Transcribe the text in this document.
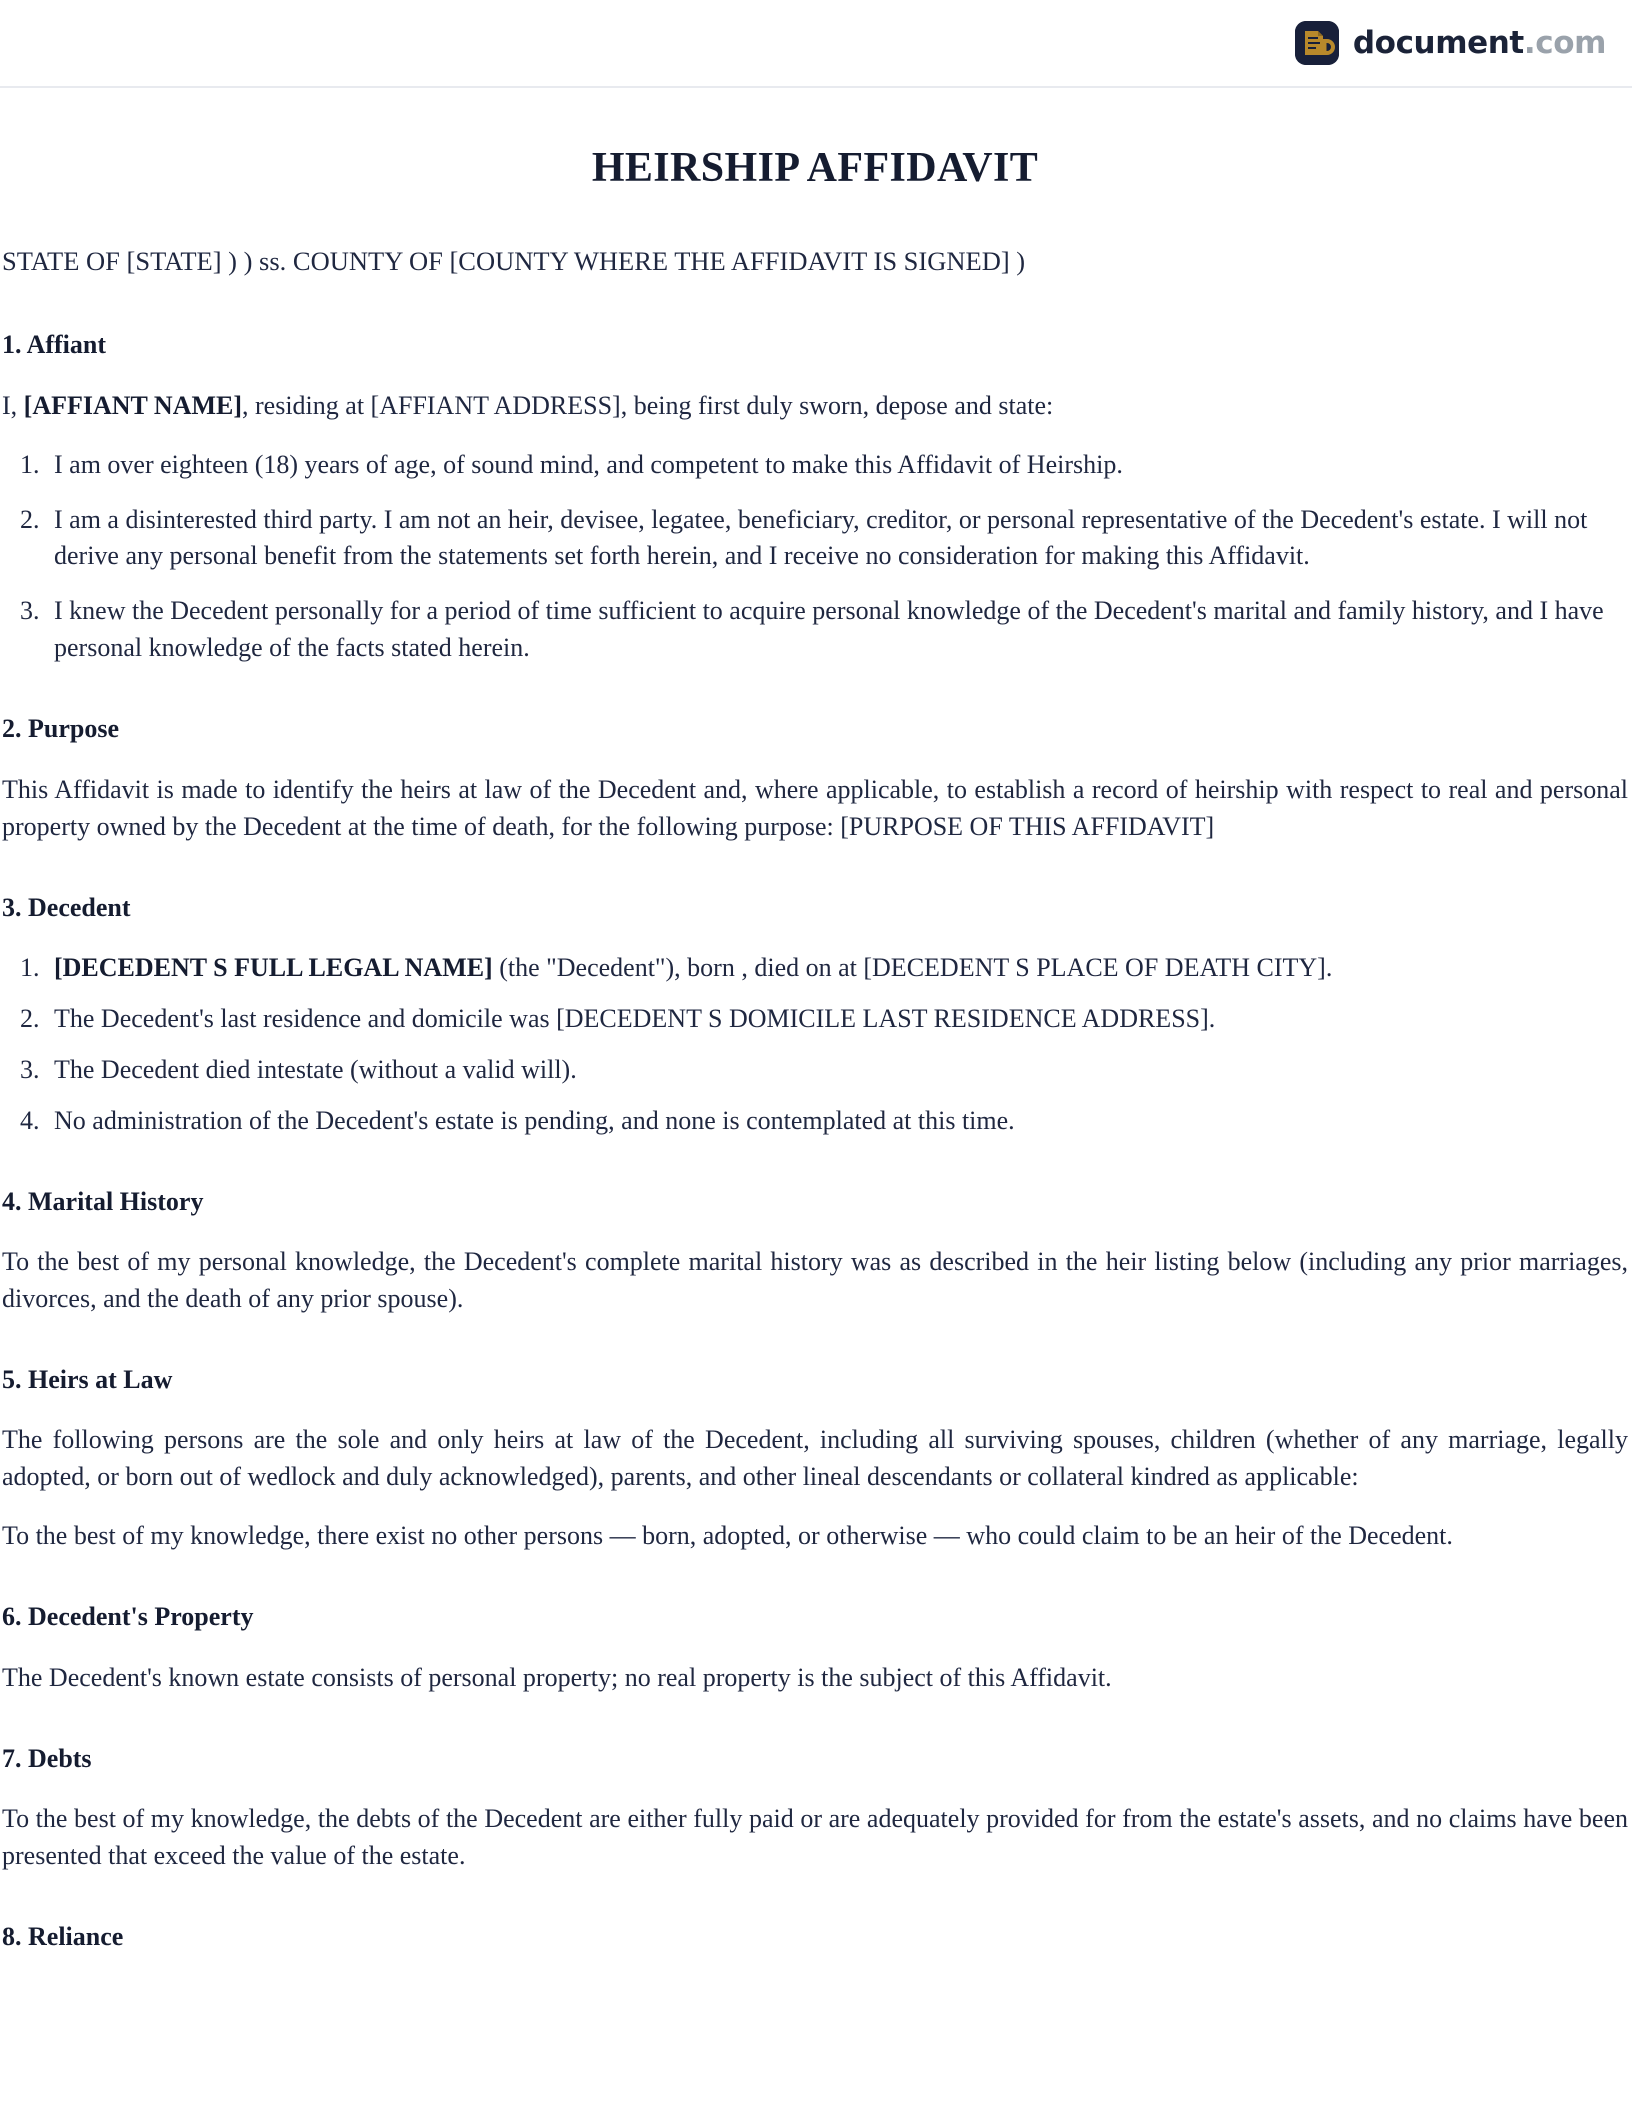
document.com
HEIRSHIP AFFIDAVIT

STATE OF [STATE] ) ) ss. COUNTY OF [COUNTY WHERE THE AFFIDAVIT IS SIGNED] )

1. Affiant

I, [AFFIANT NAME], residing at [AFFIANT ADDRESS], being first duly sworn, depose and state:

1. I am over eighteen (18) years of age, of sound mind, and competent to make this Affidavit of Heirship.
2. I am a disinterested third party. I am not an heir, devisee, legatee, beneficiary, creditor, or personal representative of the Decedent's estate. I will not derive any personal benefit from the statements set forth herein, and I receive no consideration for making this Affidavit.
3. I knew the Decedent personally for a period of time sufficient to acquire personal knowledge of the Decedent's marital and family history, and I have personal knowledge of the facts stated herein.
2. Purpose

This Affidavit is made to identify the heirs at law of the Decedent and, where applicable, to establish a record of heirship with respect to real and personal property owned by the Decedent at the time of death, for the following purpose: [PURPOSE OF THIS AFFIDAVIT]

3. Decedent
1. [DECEDENT S FULL LEGAL NAME] (the "Decedent"), born , died on at [DECEDENT S PLACE OF DEATH CITY].
2. The Decedent's last residence and domicile was [DECEDENT S DOMICILE LAST RESIDENCE ADDRESS].
3. The Decedent died intestate (without a valid will).
4. No administration of the Decedent's estate is pending, and none is contemplated at this time.
4. Marital History

To the best of my personal knowledge, the Decedent's complete marital history was as described in the heir listing below (including any prior marriages, divorces, and the death of any prior spouse).

5. Heirs at Law

The following persons are the sole and only heirs at law of the Decedent, including all surviving spouses, children (whether of any marriage, legally adopted, or born out of wedlock and duly acknowledged), parents, and other lineal descendants or collateral kindred as applicable:

To the best of my knowledge, there exist no other persons — born, adopted, or otherwise — who could claim to be an heir of the Decedent.

6. Decedent's Property

The Decedent's known estate consists of personal property; no real property is the subject of this Affidavit.

7. Debts

To the best of my knowledge, the debts of the Decedent are either fully paid or are adequately provided for from the estate's assets, and no claims have been presented that exceed the value of the estate.

8. Reliance
